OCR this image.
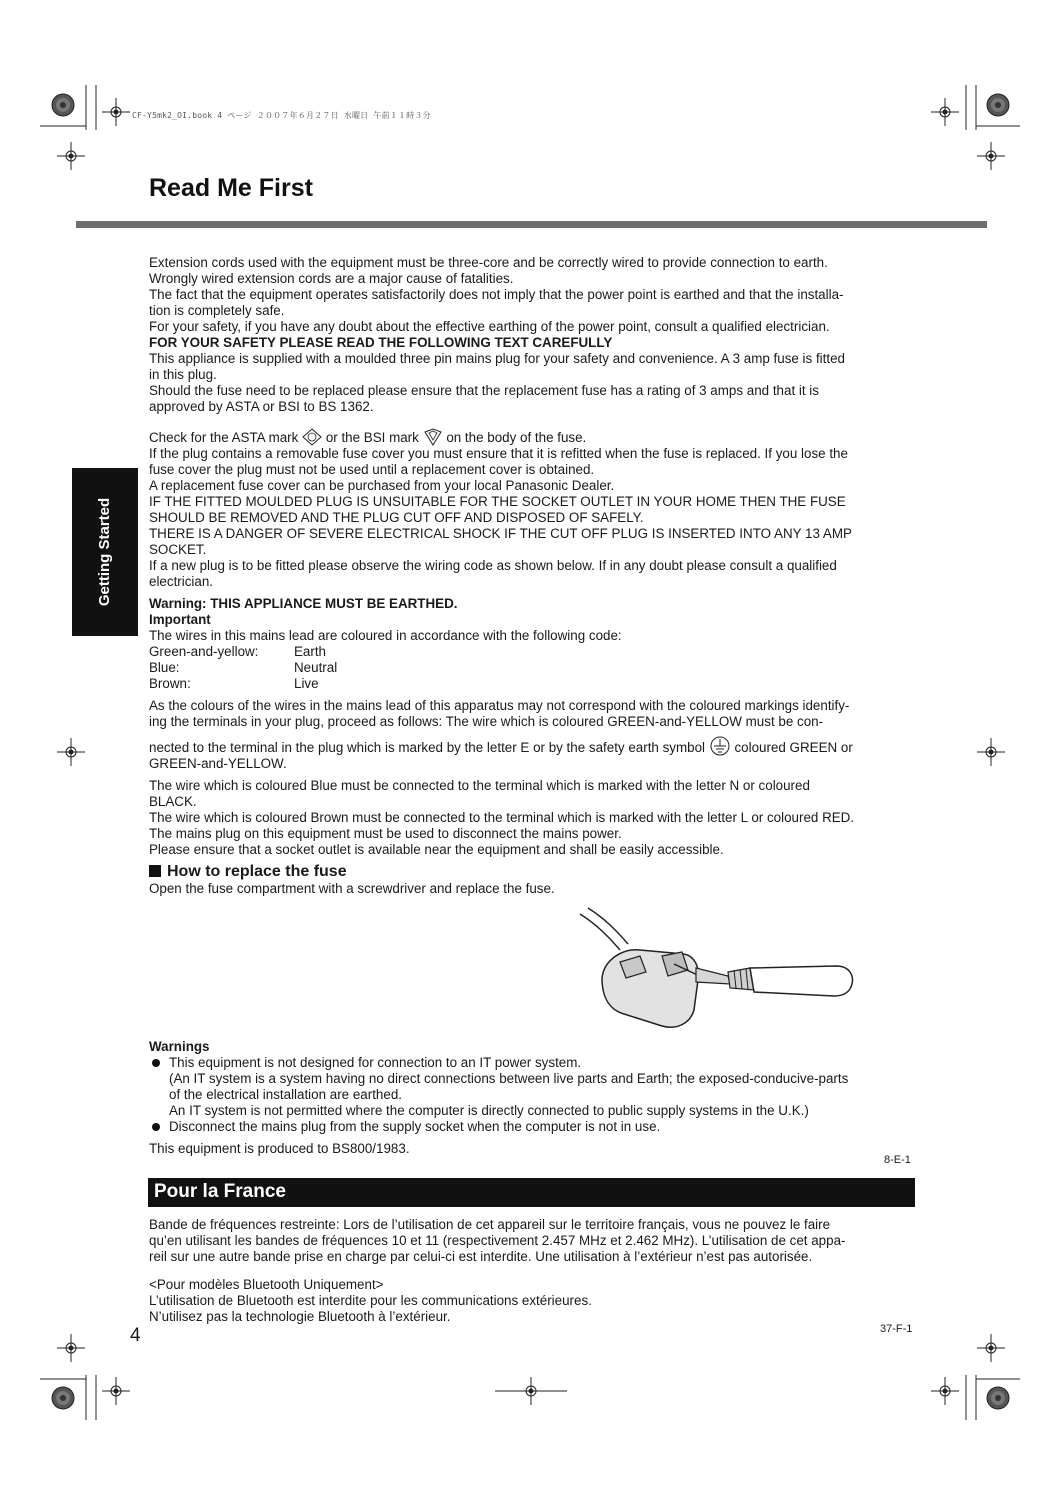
CF-Y5mk2_OI.book 4 ページ ２００７年６月２７日 水曜日 午前１１時３分
Read Me First
Getting Started
Extension cords used with the equipment must be three-core and be correctly wired to provide connection to earth.
Wrongly wired extension cords are a major cause of fatalities.
The fact that the equipment operates satisfactorily does not imply that the power point is earthed and that the installa-
tion is completely safe.
For your safety, if you have any doubt about the effective earthing of the power point, consult a qualified electrician.
FOR YOUR SAFETY PLEASE READ THE FOLLOWING TEXT CAREFULLY
This appliance is supplied with a moulded three pin mains plug for your safety and convenience. A 3 amp fuse is fitted
in this plug.
Should the fuse need to be replaced please ensure that the replacement fuse has a rating of 3 amps and that it is
approved by ASTA or BSI to BS 1362.
Check for the ASTA mark or the BSI mark on the body of the fuse.
If the plug contains a removable fuse cover you must ensure that it is refitted when the fuse is replaced. If you lose the
fuse cover the plug must not be used until a replacement cover is obtained.
A replacement fuse cover can be purchased from your local Panasonic Dealer.
IF THE FITTED MOULDED PLUG IS UNSUITABLE FOR THE SOCKET OUTLET IN YOUR HOME THEN THE FUSE
SHOULD BE REMOVED AND THE PLUG CUT OFF AND DISPOSED OF SAFELY.
THERE IS A DANGER OF SEVERE ELECTRICAL SHOCK IF THE CUT OFF PLUG IS INSERTED INTO ANY 13 AMP
SOCKET.
If a new plug is to be fitted please observe the wiring code as shown below. If in any doubt please consult a qualified
electrician.
Warning: THIS APPLIANCE MUST BE EARTHED.
Important
The wires in this mains lead are coloured in accordance with the following code:
Green-and-yellow:	Earth
Blue:	Neutral
Brown:	Live
As the colours of the wires in the mains lead of this apparatus may not correspond with the coloured markings identify-
ing the terminals in your plug, proceed as follows: The wire which is coloured GREEN-and-YELLOW must be con-
nected to the terminal in the plug which is marked by the letter E or by the safety earth symbol coloured GREEN or
GREEN-and-YELLOW.
The wire which is coloured Blue must be connected to the terminal which is marked with the letter N or coloured
BLACK.
The wire which is coloured Brown must be connected to the terminal which is marked with the letter L or coloured RED.
The mains plug on this equipment must be used to disconnect the mains power.
Please ensure that a socket outlet is available near the equipment and shall be easily accessible.
How to replace the fuse
Open the fuse compartment with a screwdriver and replace the fuse.
Warnings
This equipment is not designed for connection to an IT power system.
(An IT system is a system having no direct connections between live parts and Earth; the exposed-conducive-parts
of the electrical installation are earthed.
An IT system is not permitted where the computer is directly connected to public supply systems in the U.K.)
Disconnect the mains plug from the supply socket when the computer is not in use.
This equipment is produced to BS800/1983.
8-E-1
Pour la France
Bande de fréquences restreinte: Lors de l’utilisation de cet appareil sur le territoire français, vous ne pouvez le faire
qu’en utilisant les bandes de fréquences 10 et 11 (respectivement 2.457 MHz et 2.462 MHz). L’utilisation de cet appa-
reil sur une autre bande prise en charge par celui-ci est interdite. Une utilisation à l’extérieur n’est pas autorisée.
<Pour modèles Bluetooth Uniquement>
L’utilisation de Bluetooth est interdite pour les communications extérieures.
N’utilisez pas la technologie Bluetooth à l’extérieur.
37-F-1
4
